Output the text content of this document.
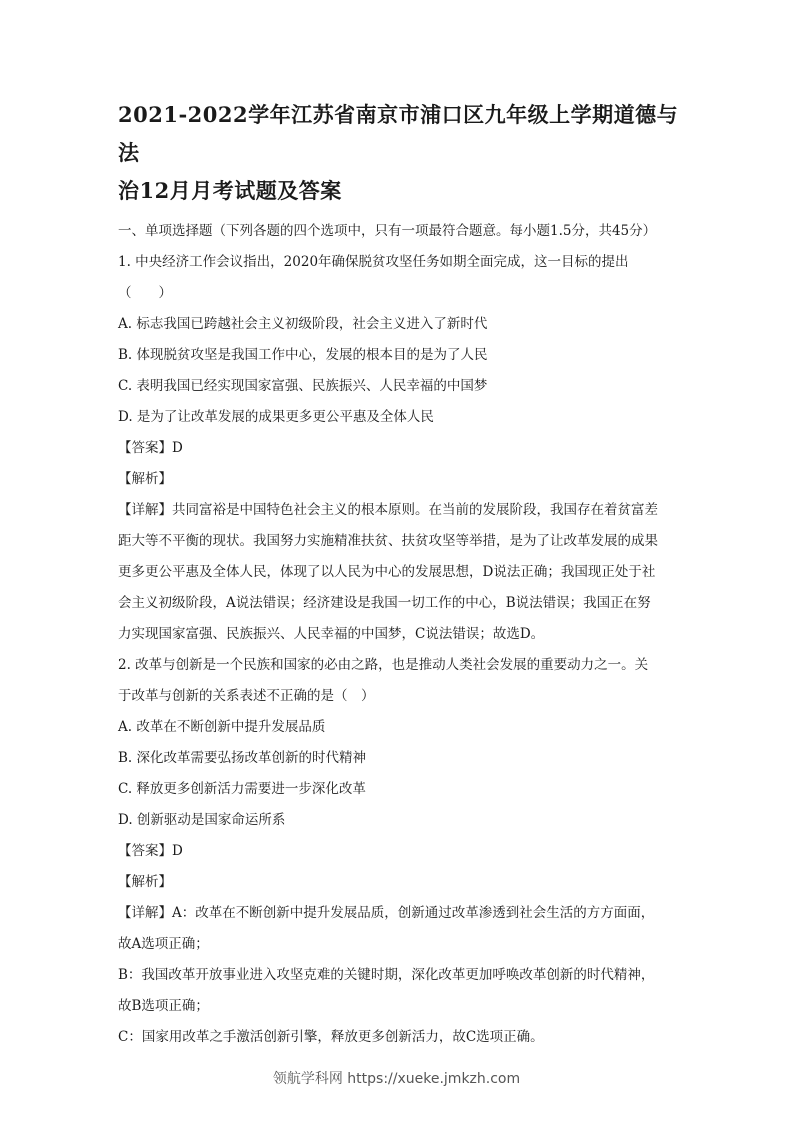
2021-2022学年江苏省南京市浦口区九年级上学期道德与法
治12月月考试题及答案

一、单项选择题（下列各题的四个选项中，只有一项最符合题意。每小题1.5分，共45分）

1. 中央经济工作会议指出，2020年确保脱贫攻坚任务如期全面完成，这一目标的提出

（　　）

A. 标志我国已跨越社会主义初级阶段，社会主义进入了新时代

B. 体现脱贫攻坚是我国工作中心，发展的根本目的是为了人民

C. 表明我国已经实现国家富强、民族振兴、人民幸福的中国梦

D. 是为了让改革发展的成果更多更公平惠及全体人民

【答案】D

【解析】

【详解】共同富裕是中国特色社会主义的根本原则。在当前的发展阶段，我国存在着贫富差

距大等不平衡的现状。我国努力实施精准扶贫、扶贫攻坚等举措，是为了让改革发展的成果

更多更公平惠及全体人民，体现了以人民为中心的发展思想，D说法正确；我国现正处于社

会主义初级阶段，A说法错误；经济建设是我国一切工作的中心，B说法错误；我国正在努

力实现国家富强、民族振兴、人民幸福的中国梦，C说法错误；故选D。

2. 改革与创新是一个民族和国家的必由之路，也是推动人类社会发展的重要动力之一。关

于改革与创新的关系表述不正确的是（　）

A. 改革在不断创新中提升发展品质

B. 深化改革需要弘扬改革创新的时代精神

C. 释放更多创新活力需要进一步深化改革

D. 创新驱动是国家命运所系

【答案】D

【解析】

【详解】A：改革在不断创新中提升发展品质，创新通过改革渗透到社会生活的方方面面，

故A选项正确；

B：我国改革开放事业进入攻坚克难的关键时期，深化改革更加呼唤改革创新的时代精神，

故B选项正确；

C：国家用改革之手激活创新引擎，释放更多创新活力，故C选项正确。

领航学科网 https://xueke.jmkzh.com
